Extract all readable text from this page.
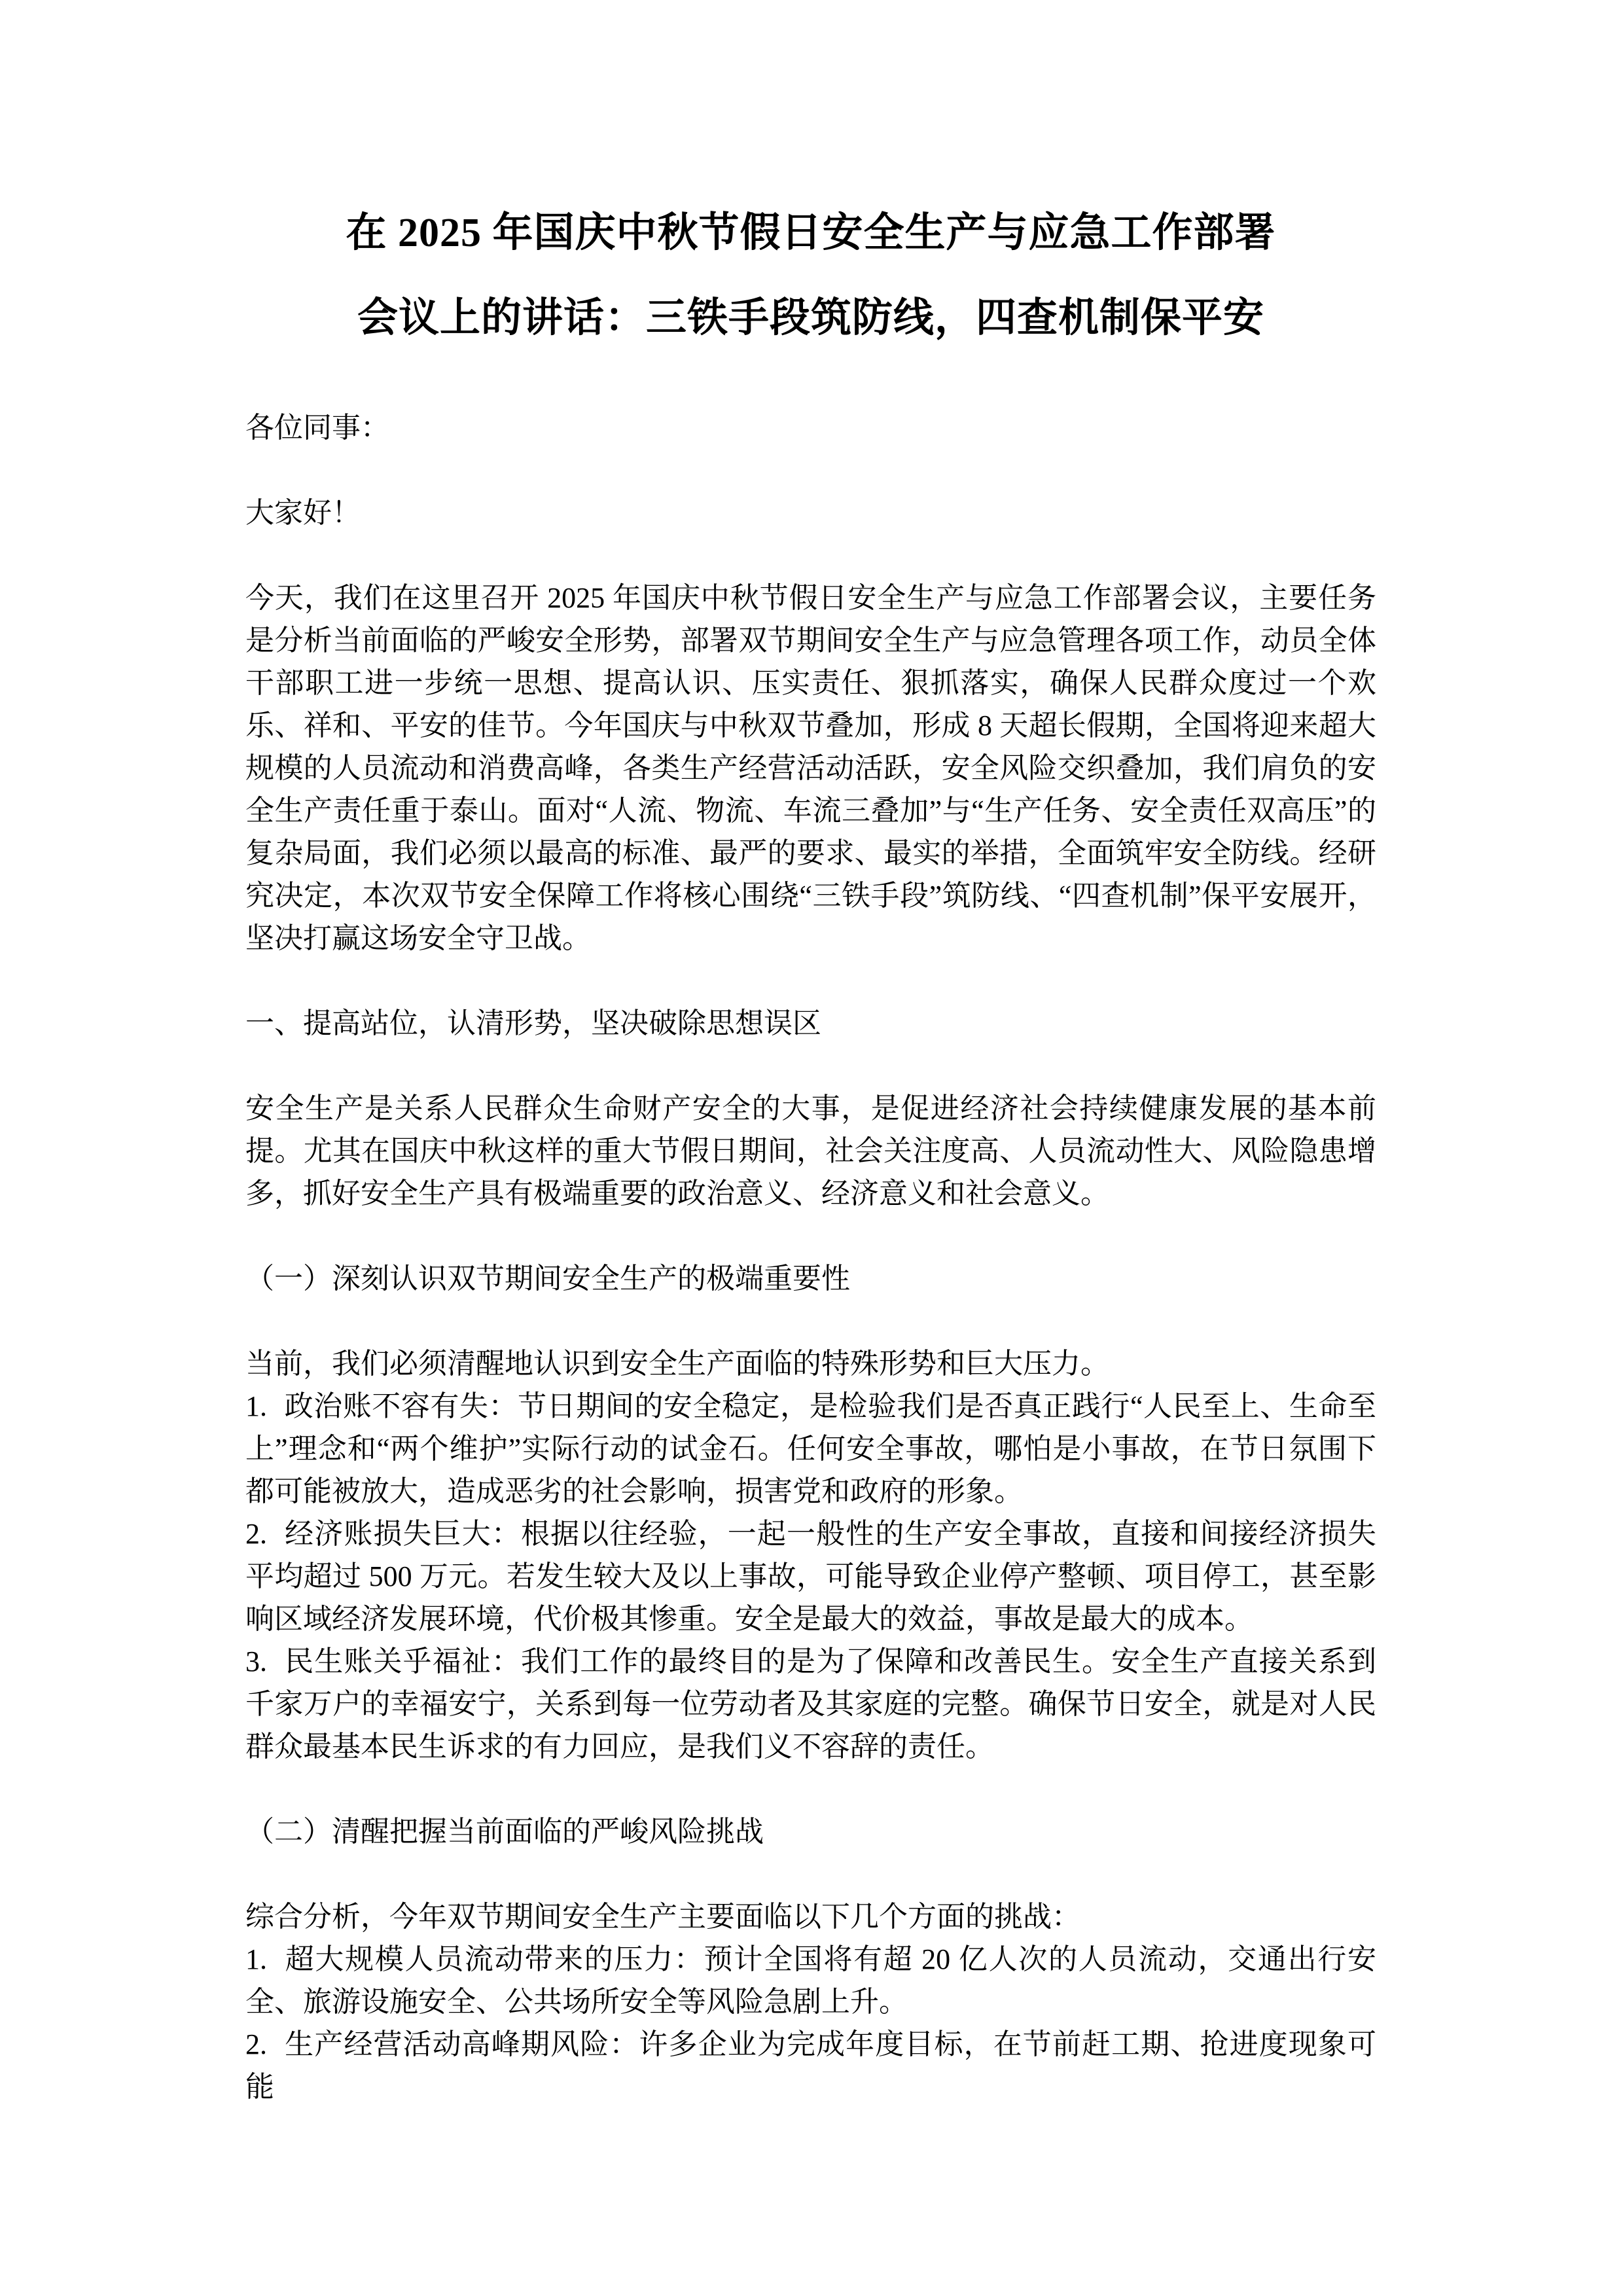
在 2025 年国庆中秋节假日安全生产与应急工作部署
会议上的讲话：三铁手段筑防线，四查机制保平安

各位同事：

大家好！

今天，我们在这里召开 2025 年国庆中秋节假日安全生产与应急工作部署会议，主要任务是分析当前面临的严峻安全形势，部署双节期间安全生产与应急管理各项工作，动员全体干部职工进一步统一思想、提高认识、压实责任、狠抓落实，确保人民群众度过一个欢乐、祥和、平安的佳节。今年国庆与中秋双节叠加，形成 8 天超长假期，全国将迎来超大规模的人员流动和消费高峰，各类生产经营活动活跃，安全风险交织叠加，我们肩负的安全生产责任重于泰山。面对“人流、物流、车流三叠加”与“生产任务、安全责任双高压”的复杂局面，我们必须以最高的标准、最严的要求、最实的举措，全面筑牢安全防线。经研究决定，本次双节安全保障工作将核心围绕“三铁手段”筑防线、“四查机制”保平安展开，坚决打赢这场安全守卫战。

一、提高站位，认清形势，坚决破除思想误区

安全生产是关系人民群众生命财产安全的大事，是促进经济社会持续健康发展的基本前提。尤其在国庆中秋这样的重大节假日期间，社会关注度高、人员流动性大、风险隐患增多，抓好安全生产具有极端重要的政治意义、经济意义和社会意义。

（一）深刻认识双节期间安全生产的极端重要性

当前，我们必须清醒地认识到安全生产面临的特殊形势和巨大压力。

1. 政治账不容有失：节日期间的安全稳定，是检验我们是否真正践行“人民至上、生命至上”理念和“两个维护”实际行动的试金石。任何安全事故，哪怕是小事故，在节日氛围下都可能被放大，造成恶劣的社会影响，损害党和政府的形象。

2. 经济账损失巨大：根据以往经验，一起一般性的生产安全事故，直接和间接经济损失平均超过 500 万元。若发生较大及以上事故，可能导致企业停产整顿、项目停工，甚至影响区域经济发展环境，代价极其惨重。安全是最大的效益，事故是最大的成本。

3. 民生账关乎福祉：我们工作的最终目的是为了保障和改善民生。安全生产直接关系到千家万户的幸福安宁，关系到每一位劳动者及其家庭的完整。确保节日安全，就是对人民群众最基本民生诉求的有力回应，是我们义不容辞的责任。

（二）清醒把握当前面临的严峻风险挑战

综合分析，今年双节期间安全生产主要面临以下几个方面的挑战：

1. 超大规模人员流动带来的压力：预计全国将有超 20 亿人次的人员流动，交通出行安全、旅游设施安全、公共场所安全等风险急剧上升。

2. 生产经营活动高峰期风险：许多企业为完成年度目标，在节前赶工期、抢进度现象可能
